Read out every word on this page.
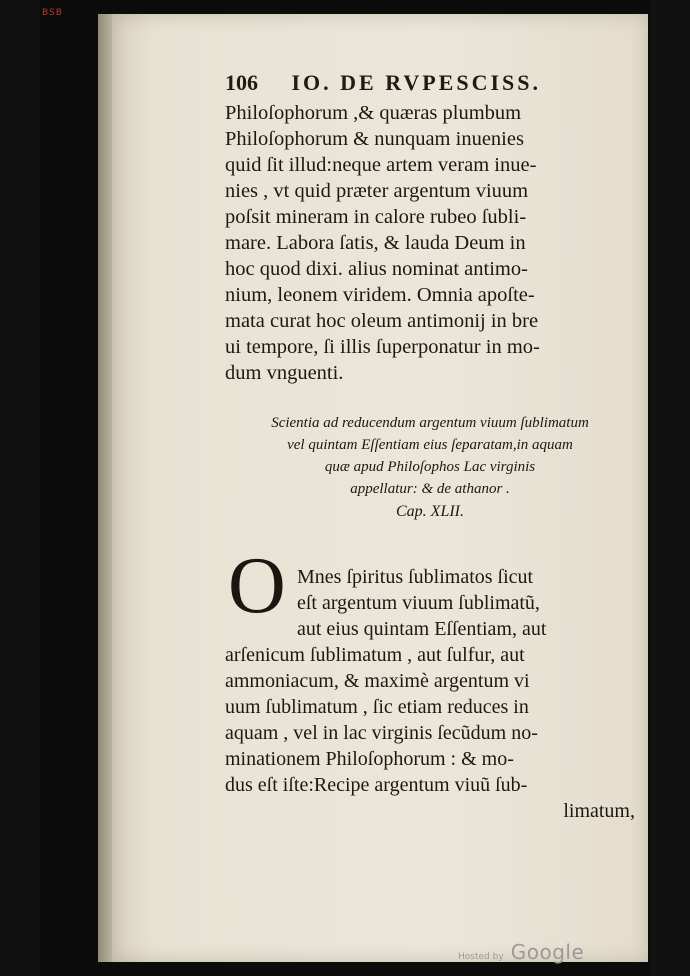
BSB
106 IO. DE RVPESCISS.
Philoſophorum ,& quæras plumbum
Philoſophorum & nunquam inuenies
quid ſit illud:neque artem veram inue-
nies , vt quid præter argentum viuum
poſsit mineram in calore rubeo ſubli-
mare. Labora ſatis, & lauda Deum in
hoc quod dixi. alius nominat antimo-
nium, leonem viridem. Omnia apoſte-
mata curat hoc oleum antimonij in bre
ui tempore, ſi illis ſuperponatur in mo-
dum vnguenti.
Scientia ad reducendum argentum viuum ſublimatum
vel quintam Eſſentiam eius ſeparatam,in aquam
quæ apud Philoſophos Lac virginis
appellatur: & de athanor .
Cap. XLII.
O Mnes ſpiritus ſublimatos ſicut
eſt argentum viuum ſublimatũ,
aut eius quintam Eſſentiam, aut
arſenicum ſublimatum , aut ſulfur, aut
ammoniacum, & maximè argentum vi
uum ſublimatum , ſic etiam reduces in
aquam , vel in lac virginis ſecũdum no-
minationem Philoſophorum : & mo-
dus eſt iſte:Recipe argentum viuũ ſub-
limatum,
Hosted by Google
